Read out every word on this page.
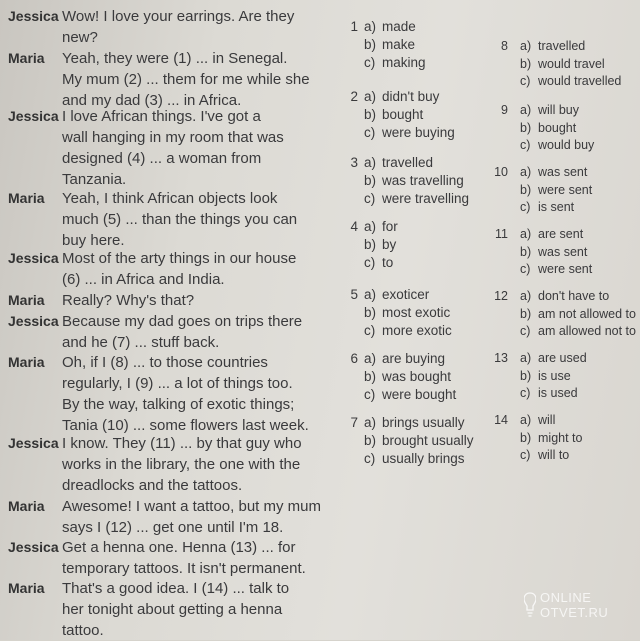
Jessica Wow! I love your earrings. Are they
new?
Maria Yeah, they were (1) ... in Senegal.
My mum (2) ... them for me while she
and my dad (3) ... in Africa.
Jessica I love African things. I've got a
wall hanging in my room that was
designed (4) ... a woman from
Tanzania.
Maria Yeah, I think African objects look
much (5) ... than the things you can
buy here.
Jessica Most of the arty things in our house
(6) ... in Africa and India.
Maria Really? Why's that?
Jessica Because my dad goes on trips there
and he (7) ... stuff back.
Maria Oh, if I (8) ... to those countries
regularly, I (9) ... a lot of things too.
By the way, talking of exotic things;
Tania (10) ... some flowers last week.
Jessica I know. They (11) ... by that guy who
works in the library, the one with the
dreadlocks and the tattoos.
Maria Awesome! I want a tattoo, but my mum
says I (12) ... get one until I'm 18.
Jessica Get a henna one. Henna (13) ... for
temporary tattoos. It isn't permanent.
Maria That's a good idea. I (14) ... talk to
her tonight about getting a henna
tattoo.
1 a) made
b) make
c) making
2 a) didn't buy
b) bought
c) were buying
3 a) travelled
b) was travelling
c) were travelling
4 a) for
b) by
c) to
5 a) exoticer
b) most exotic
c) more exotic
6 a) are buying
b) was bought
c) were bought
7 a) brings usually
b) brought usually
c) usually brings
8 a) travelled
b) would travel
c) would travelled
9 a) will buy
b) bought
c) would buy
10 a) was sent
b) were sent
c) is sent
11 a) are sent
b) was sent
c) were sent
12 a) don't have to
b) am not allowed to
c) am allowed not to
13 a) are used
b) is use
c) is used
14 a) will
b) might to
c) will to
ONLINE
OTVET.RU
